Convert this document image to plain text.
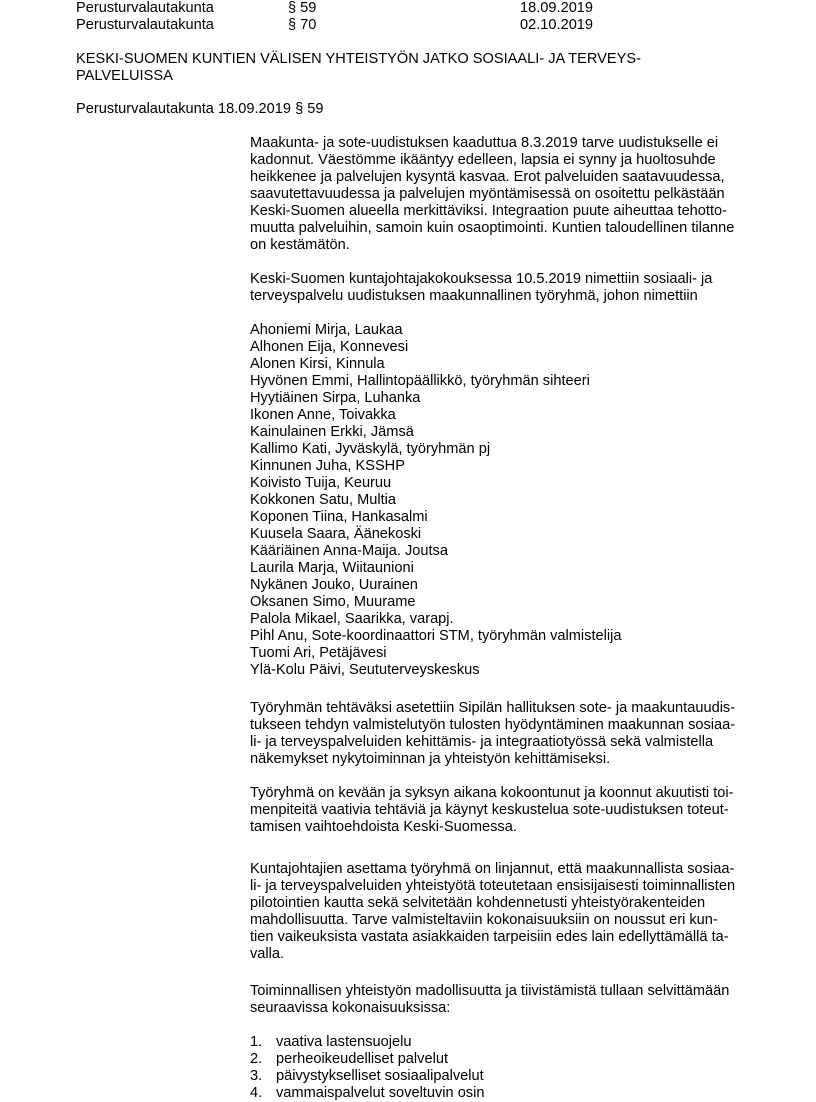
Perusturvalautakunta	§ 59	18.09.2019
Perusturvalautakunta	§ 70	02.10.2019
KESKI-SUOMEN KUNTIEN VÄLISEN YHTEISTYÖN JATKO SOSIAALI- JA TERVEYS-
PALVELUISSA
Perusturvalautakunta 18.09.2019 § 59

Maakunta- ja sote-uudistuksen kaaduttua 8.3.2019 tarve uudistukselle ei
kadonnut. Väestömme ikääntyy edelleen, lapsia ei synny ja huoltosuhde
heikkenee ja palvelujen kysyntä kasvaa. Erot palveluiden saatavuudessa,
saavutettavuudessa ja palvelujen myöntämisessä on osoitettu pelkästään
Keski-Suomen alueella merkittäviksi. Integraation puute aiheuttaa tehotto-
muutta palveluihin, samoin kuin osaoptimointi. Kuntien taloudellinen tilanne
on kestämätön.

Keski-Suomen kuntajohtajakokouksessa 10.5.2019 nimettiin sosiaali- ja
terveyspalvelu uudistuksen maakunnallinen työryhmä, johon nimettiin

Ahoniemi Mirja, Laukaa
Alhonen Eija, Konnevesi
Alonen Kirsi, Kinnula
Hyvönen Emmi, Hallintopäällikkö, työryhmän sihteeri
Hyytiäinen Sirpa, Luhanka
Ikonen Anne, Toivakka
Kainulainen Erkki, Jämsä
Kallimo Kati, Jyväskylä, työryhmän pj
Kinnunen Juha, KSSHP
Koivisto Tuija, Keuruu
Kokkonen Satu, Multia
Koponen Tiina, Hankasalmi
Kuusela Saara, Äänekoski
Kääriäinen Anna-Maija. Joutsa
Laurila Marja, Wiitaunioni
Nykänen Jouko, Uurainen
Oksanen Simo, Muurame
Palola Mikael, Saarikka, varapj.
Pihl Anu, Sote-koordinaattori STM, työryhmän valmistelija
Tuomi Ari, Petäjävesi
Ylä-Kolu Päivi, Seututerveyskeskus

Työryhmän tehtäväksi asetettiin Sipilän hallituksen sote- ja maakuntauudis-
tukseen tehdyn valmistelutyön tulosten hyödyntäminen maakunnan sosiaa-
li- ja terveyspalveluiden kehittämis- ja integraatiotyössä sekä valmistella
näkemykset nykytoiminnan ja yhteistyön kehittämiseksi.

Työryhmä on kevään ja syksyn aikana kokoontunut ja koonnut akuutisti toi-
menpiteitä vaativia tehtäviä ja käynyt keskustelua sote-uudistuksen toteut-
tamisen vaihtoehdoista Keski-Suomessa.

Kuntajohtajien asettama työryhmä on linjannut, että maakunnallista sosiaa-
li- ja terveyspalveluiden yhteistyötä toteutetaan ensisijaisesti toiminnallisten
pilotointien kautta sekä selvitetään kohdennetusti yhteistyörakenteiden
mahdollisuutta. Tarve valmisteltaviin kokonaisuuksiin on noussut eri kun-
tien vaikeuksista vastata asiakkaiden tarpeisiin edes lain edellyttämällä ta-
valla.

Toiminnallisen yhteistyön madollisuutta ja tiivistämistä tullaan selvittämään
seuraavissa kokonaisuuksissa:

1. vaativa lastensuojelu
2. perheoikeudelliset palvelut
3. päivystykselliset sosiaalipalvelut
4. vammaispalvelut soveltuvin osin
